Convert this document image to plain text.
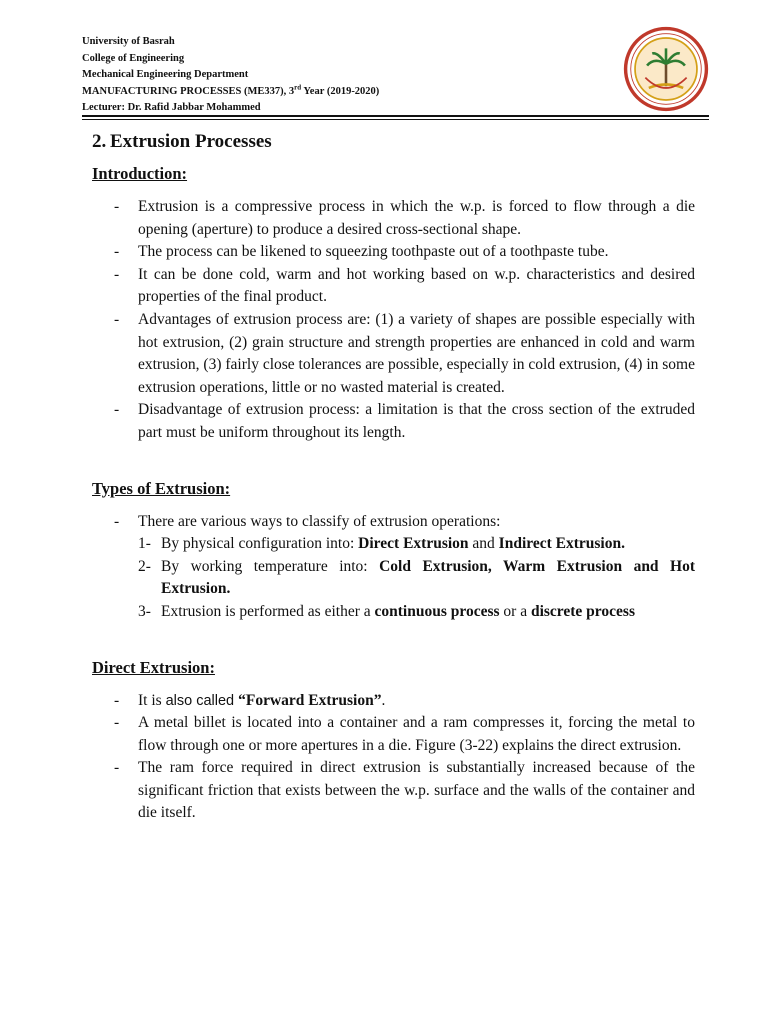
University of Basrah
College of Engineering
Mechanical Engineering Department
MANUFACTURING PROCESSES (ME337), 3rd Year (2019-2020)
Lecturer: Dr. Rafid Jabbar Mohammed
2. Extrusion Processes

Introduction:

- Extrusion is a compressive process in which the w.p. is forced to flow through a die opening (aperture) to produce a desired cross-sectional shape.
- The process can be likened to squeezing toothpaste out of a toothpaste tube.
- It can be done cold, warm and hot working based on w.p. characteristics and desired properties of the final product.
- Advantages of extrusion process are: (1) a variety of shapes are possible especially with hot extrusion, (2) grain structure and strength properties are enhanced in cold and warm extrusion, (3) fairly close tolerances are possible, especially in cold extrusion, (4) in some extrusion operations, little or no wasted material is created.
- Disadvantage of extrusion process: a limitation is that the cross section of the extruded part must be uniform throughout its length.

Types of Extrusion:

- There are various ways to classify of extrusion operations:
1- By physical configuration into: Direct Extrusion and Indirect Extrusion.
2- By working temperature into: Cold Extrusion, Warm Extrusion and Hot Extrusion.
3- Extrusion is performed as either a continuous process or a discrete process

Direct Extrusion:

- It is also called “Forward Extrusion”.
- A metal billet is located into a container and a ram compresses it, forcing the metal to flow through one or more apertures in a die. Figure (3-22) explains the direct extrusion.
- The ram force required in direct extrusion is substantially increased because of the significant friction that exists between the w.p. surface and the walls of the container and die itself.
